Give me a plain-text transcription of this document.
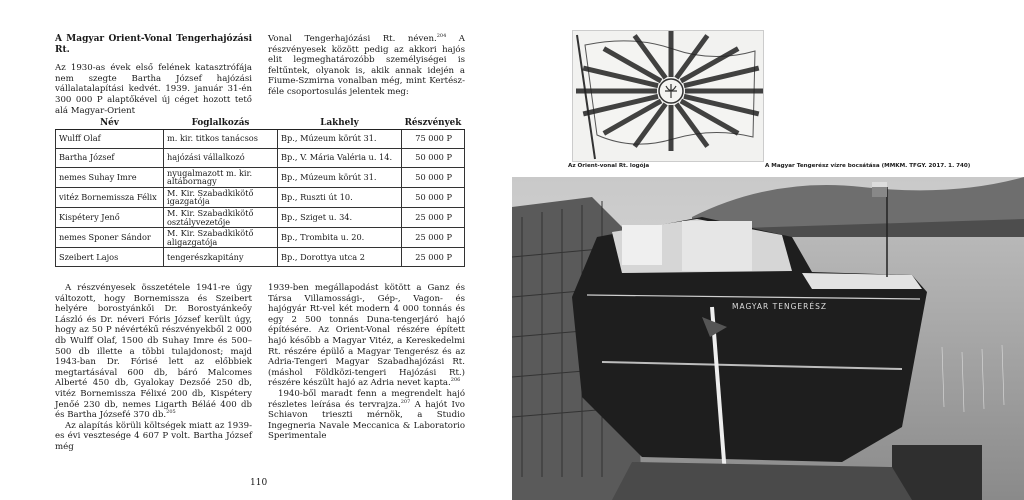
A Magyar Orient-Vonal Tengerhajózási Rt.

Az 1930-as évek első felének katasztrófája nem szegte Bartha József hajózási vállalatalapítási kedvét. 1939. január 31-én 300 000 P alaptőkével új céget hozott tető alá Magyar-Orient

Vonal Tengerhajózási Rt. néven.$^{204}$ A részvényesek között pedig az akkori hajós elit legmeghatározóbb személyiségei is feltűntek, olyanok is, akik annak idején a Fiume-Szmirna vonalban még, mint Kertész-féle csoportosulás jelentek meg:

Név	Foglalkozás	Lakhely	Részvények
Wulff Olaf	m. kir. titkos tanácsos	Bp., Múzeum körút 31.	75 000 P
Bartha József	hajózási vállalkozó	Bp., V. Mária Valéria u. 14.	50 000 P
nemes Suhay Imre	nyugalmazott m. kir. altábornagy	Bp., Múzeum körút 31.	50 000 P
vitéz Bornemissza Félix	M. Kir. Szabadkikötő igazgatója	Bp., Ruszti út 10.	50 000 P
Kispétery Jenő	M. Kir. Szabadkikötő osztályvezetője	Bp., Sziget u. 34.	25 000 P
nemes Sponer Sándor	M. Kir. Szabadkikötő aligazgatója	Bp., Trombita u. 20.	25 000 P
Szeibert Lajos	tengerészkapitány	Bp., Dorottya utca 2	25 000 P

A részvényesek összetétele 1941-re úgy változott, hogy Bornemissza és Szeibert helyére borostyánkői Dr. Borostyánkeőy László és Dr. néveri Fóris József került úgy, hogy az 50 P névértékű részvényekből 2 000 db Wulff Olaf, 1500 db Suhay Imre és 500–500 db illette a többi tulajdonost; majd 1943-ban Dr. Fórisé lett az előbbiek megtartásával 600 db, báró Malcomes Alberté 450 db, Gyalokay Dezsőé 250 db, vitéz Bornemissza Félixé 200 db, Kispétery Jenőé 230 db, nemes Ligarth Béláé 400 db és Bartha Józsefé 370 db.$^{205}$

Az alapítás körüli költségek miatt az 1939-es évi vesztesége 4 607 P volt. Bartha József még

1939-ben megállapodást kötött a Ganz és Társa Villamossági-, Gép-, Vagon- és hajógyár Rt-vel két modern 4 000 tonnás és egy 2 500 tonnás Duna-tengerjáró hajó építésére. Az Orient-Vonal részére épített hajó később a Magyar Vitéz, a Kereskedelmi Rt. részére épülő a Magyar Tengerész és az Adria-Tengeri Magyar Szabadhajózási Rt. (máshol Földközi-tengeri Hajózási Rt.) részére készült hajó az Adria nevet kapta.$^{206}$

1940-ből maradt fenn a megrendelt hajó részletes leírása és tervrajza.$^{207}$ A hajót Ivo Schiavon trieszti mérnök, a Studio Ingegneria Navale Meccanica & Laboratorio Sperimentale

110
Az Orient-vonal Rt. logója	A Magyar Tengerész vízre bocsátása (MMKM. TFGY. 2017. 1. 740)
MAGYAR TENGERÉSZ
